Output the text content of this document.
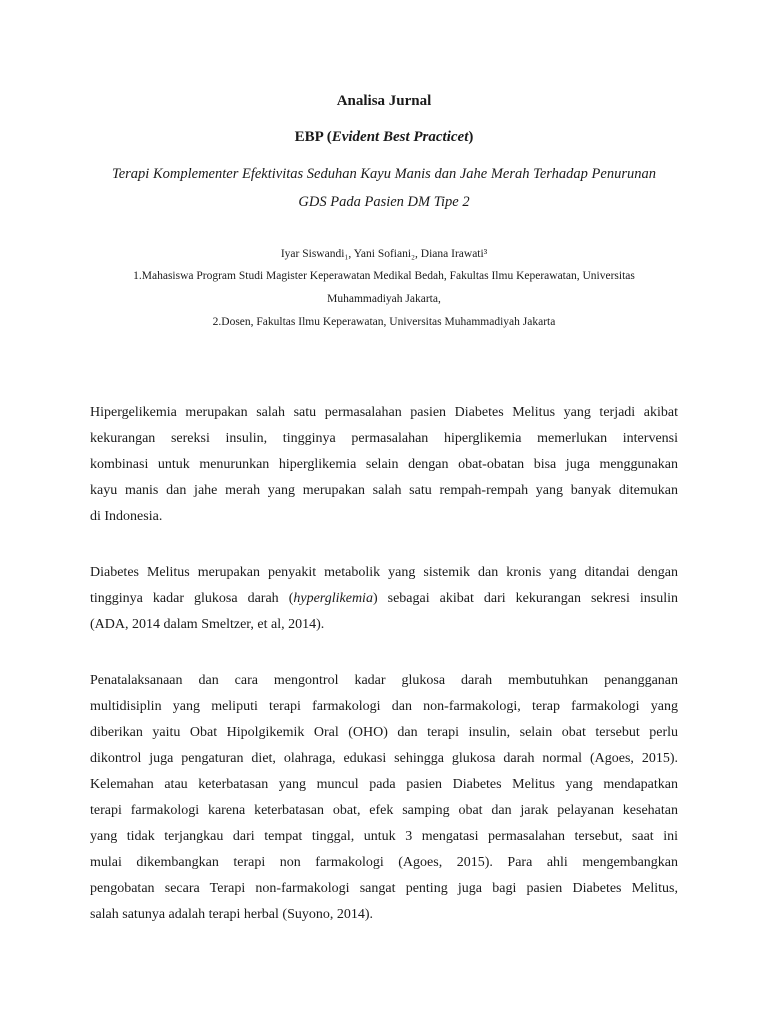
Analisa Jurnal
EBP (Evident Best Practicet)
Terapi Komplementer Efektivitas Seduhan Kayu Manis dan Jahe Merah Terhadap Penurunan
GDS Pada Pasien DM Tipe 2
Iyar Siswandi₁, Yani Sofiani₂, Diana Irawati³
1.Mahasiswa Program Studi Magister Keperawatan Medikal Bedah, Fakultas Ilmu Keperawatan, Universitas
Muhammadiyah Jakarta,
2.Dosen, Fakultas Ilmu Keperawatan, Universitas Muhammadiyah Jakarta
Hipergelikemia merupakan salah satu permasalahan pasien Diabetes Melitus yang terjadi akibat
kekurangan sereksi insulin, tingginya permasalahan hiperglikemia memerlukan intervensi
kombinasi untuk menurunkan hiperglikemia selain dengan obat-obatan bisa juga menggunakan
kayu manis dan jahe merah yang merupakan salah satu rempah-rempah yang banyak ditemukan
di Indonesia.
Diabetes Melitus merupakan penyakit metabolik yang sistemik dan kronis yang ditandai dengan
tingginya kadar glukosa darah (hyperglikemia) sebagai akibat dari kekurangan sekresi insulin
(ADA, 2014 dalam Smeltzer, et al, 2014).
Penatalaksanaan dan cara mengontrol kadar glukosa darah membutuhkan penangganan
multidisiplin yang meliputi terapi farmakologi dan non-farmakologi, terap farmakologi yang
diberikan yaitu Obat Hipolgikemik Oral (OHO) dan terapi insulin, selain obat tersebut perlu
dikontrol juga pengaturan diet, olahraga, edukasi sehingga glukosa darah normal (Agoes, 2015).
Kelemahan atau keterbatasan yang muncul pada pasien Diabetes Melitus yang mendapatkan
terapi farmakologi karena keterbatasan obat, efek samping obat dan jarak pelayanan kesehatan
yang tidak terjangkau dari tempat tinggal, untuk 3 mengatasi permasalahan tersebut, saat ini
mulai dikembangkan terapi non farmakologi (Agoes, 2015). Para ahli mengembangkan
pengobatan secara Terapi non-farmakologi sangat penting juga bagi pasien Diabetes Melitus,
salah satunya adalah terapi herbal (Suyono, 2014).
